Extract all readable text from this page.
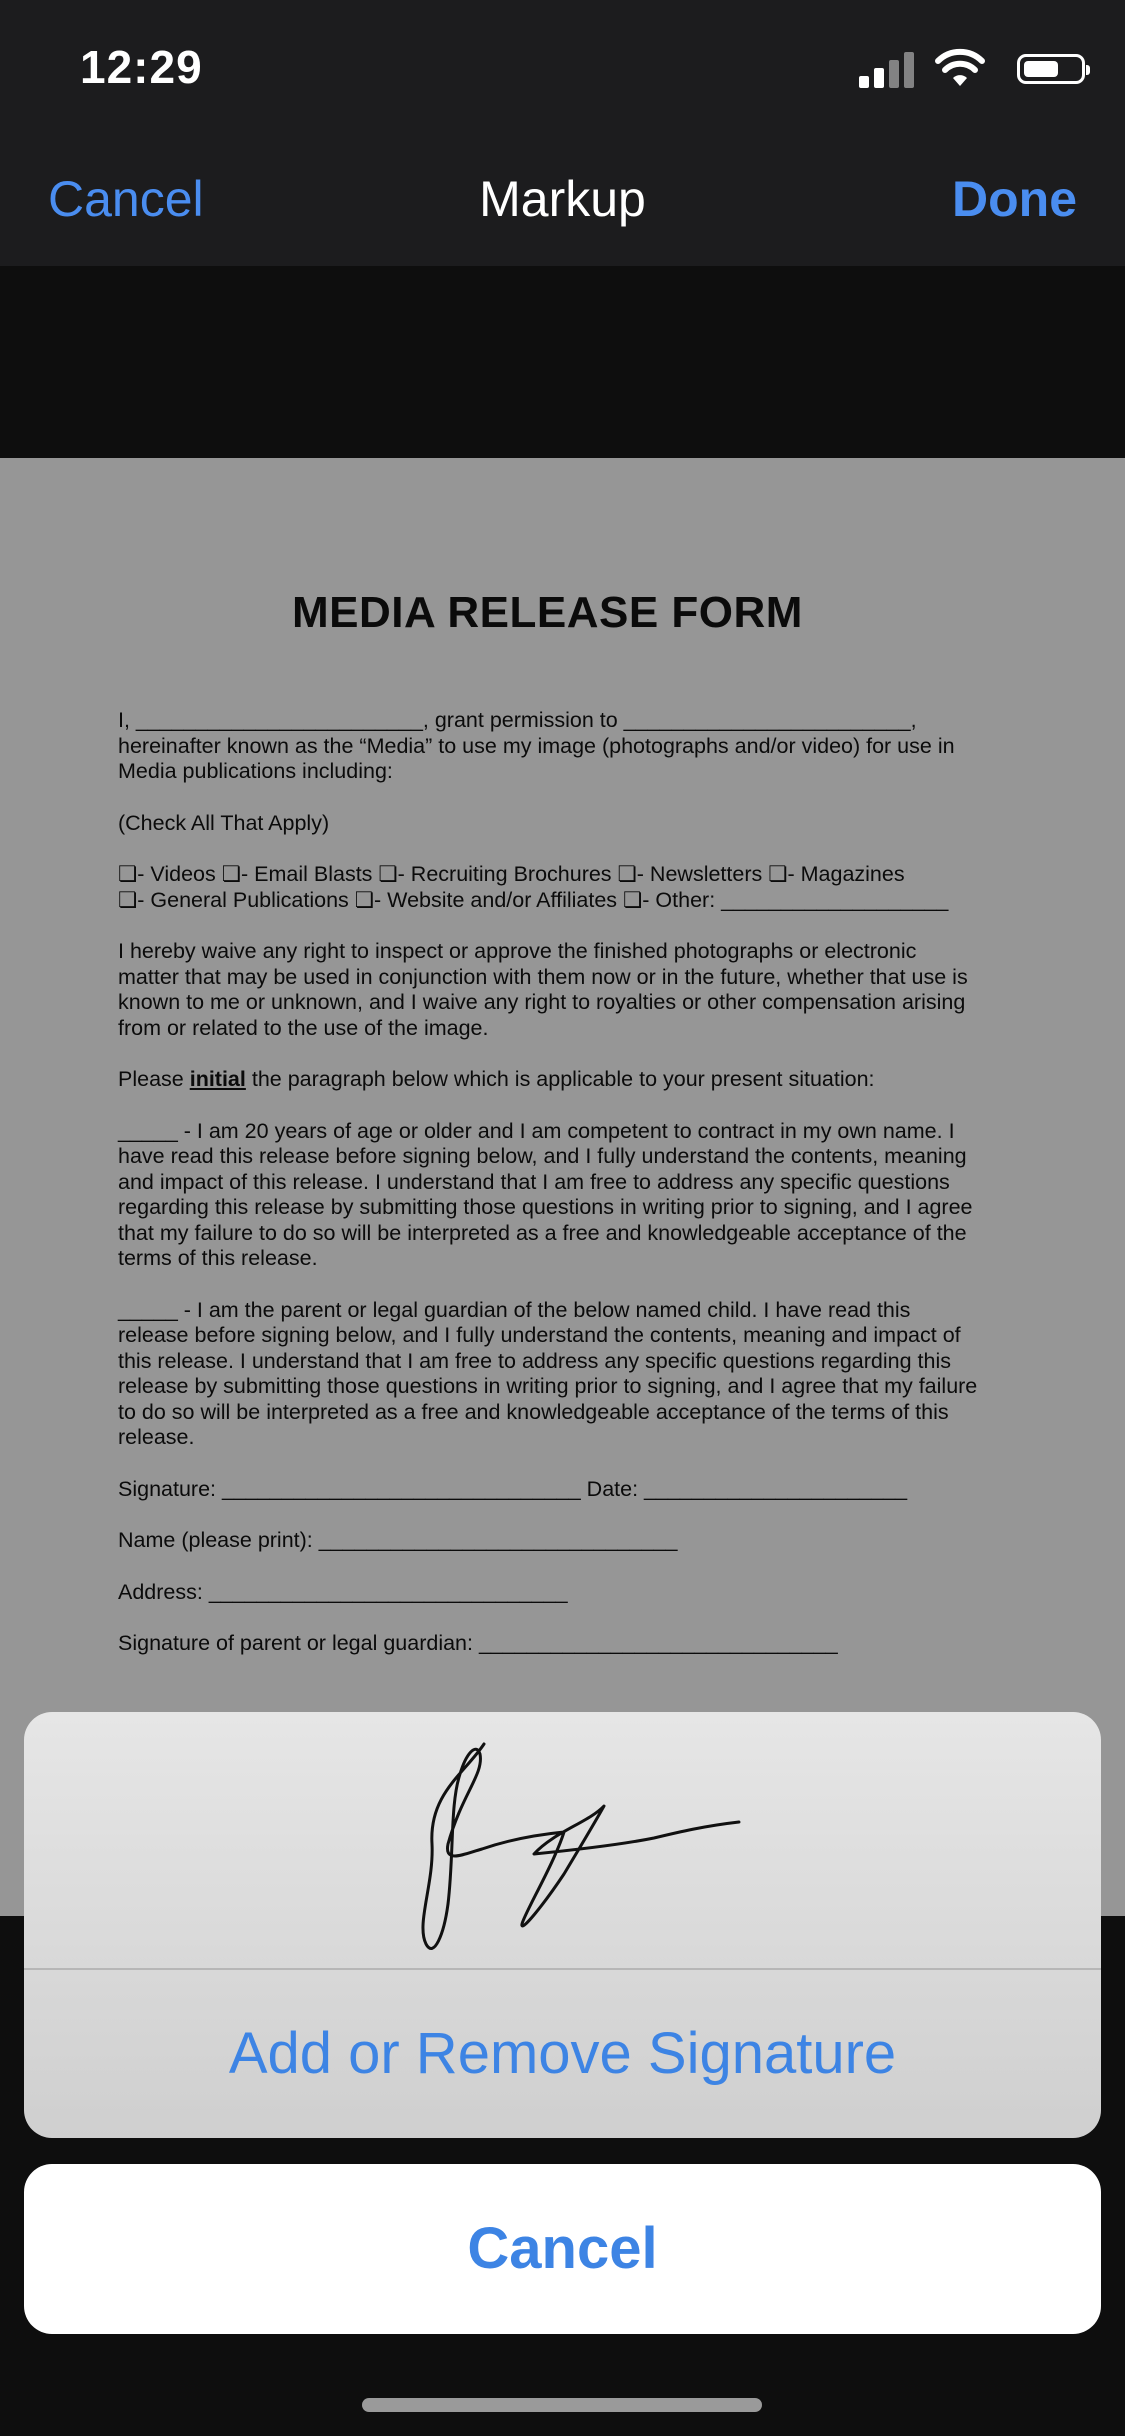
12:29
Cancel	Markup	Done
MEDIA RELEASE FORM

I, ________________________, grant permission to ________________________, hereinafter known as the “Media” to use my image (photographs and/or video) for use in Media publications including:

(Check All That Apply)

❏- Videos ❏- Email Blasts ❏- Recruiting Brochures ❏- Newsletters ❏- Magazines
❏- General Publications ❏- Website and/or Affiliates ❏- Other: ___________________

I hereby waive any right to inspect or approve the finished photographs or electronic matter that may be used in conjunction with them now or in the future, whether that use is known to me or unknown, and I waive any right to royalties or other compensation arising from or related to the use of the image.

Please initial the paragraph below which is applicable to your present situation:

_____ - I am 20 years of age or older and I am competent to contract in my own name. I have read this release before signing below, and I fully understand the contents, meaning and impact of this release. I understand that I am free to address any specific questions regarding this release by submitting those questions in writing prior to signing, and I agree that my failure to do so will be interpreted as a free and knowledgeable acceptance of the terms of this release.

_____ - I am the parent or legal guardian of the below named child. I have read this release before signing below, and I fully understand the contents, meaning and impact of this release. I understand that I am free to address any specific questions regarding this release by submitting those questions in writing prior to signing, and I agree that my failure to do so will be interpreted as a free and knowledgeable acceptance of the terms of this release.

Signature: ______________________________ Date: ______________________

Name (please print): ______________________________

Address: ______________________________

Signature of parent or legal guardian: ______________________________

Add or Remove Signature
Cancel
